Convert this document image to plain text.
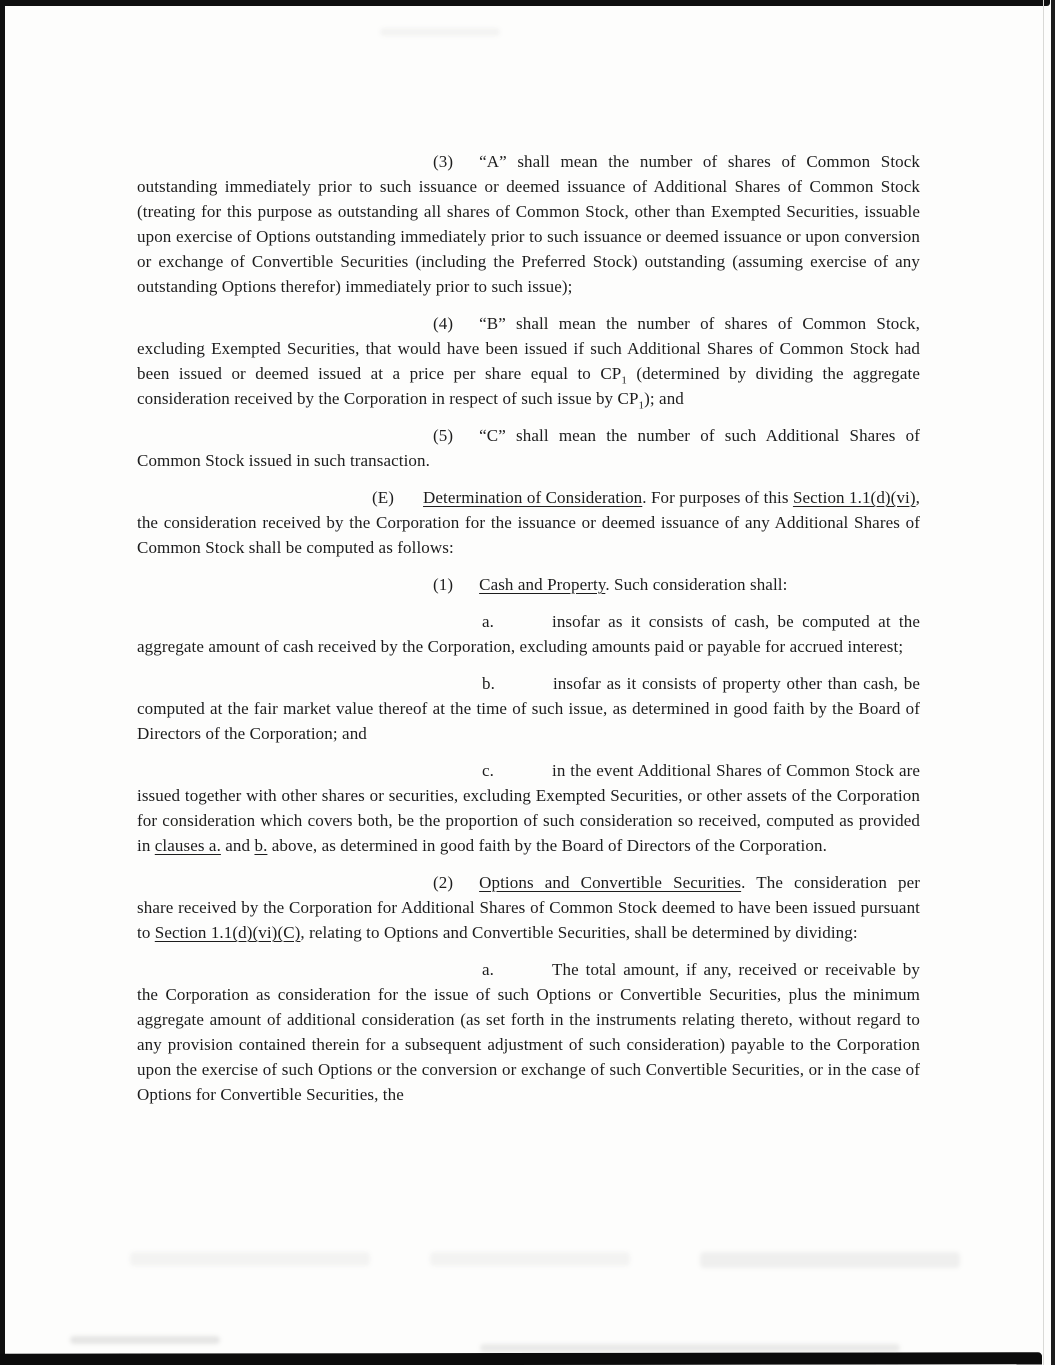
(3) “A” shall mean the number of shares of Common Stock outstanding immediately prior to such issuance or deemed issuance of Additional Shares of Common Stock (treating for this purpose as outstanding all shares of Common Stock, other than Exempted Securities, issuable upon exercise of Options outstanding immediately prior to such issuance or deemed issuance or upon conversion or exchange of Convertible Securities (including the Preferred Stock) outstanding (assuming exercise of any outstanding Options therefor) immediately prior to such issue);

(4) “B” shall mean the number of shares of Common Stock, excluding Exempted Securities, that would have been issued if such Additional Shares of Common Stock had been issued or deemed issued at a price per share equal to $CP_1$ (determined by dividing the aggregate consideration received by the Corporation in respect of such issue by $CP_1$); and

(5) “C” shall mean the number of such Additional Shares of Common Stock issued in such transaction.

(E) Determination of Consideration. For purposes of this Section 1.1(d)(vi), the consideration received by the Corporation for the issuance or deemed issuance of any Additional Shares of Common Stock shall be computed as follows:

(1) Cash and Property. Such consideration shall:

a.	insofar as it consists of cash, be computed at the aggregate amount of cash received by the Corporation, excluding amounts paid or payable for accrued interest;

b.	insofar as it consists of property other than cash, be computed at the fair market value thereof at the time of such issue, as determined in good faith by the Board of Directors of the Corporation; and

c.	in the event Additional Shares of Common Stock are issued together with other shares or securities, excluding Exempted Securities, or other assets of the Corporation for consideration which covers both, be the proportion of such consideration so received, computed as provided in clauses a. and b. above, as determined in good faith by the Board of Directors of the Corporation.

(2) Options and Convertible Securities. The consideration per share received by the Corporation for Additional Shares of Common Stock deemed to have been issued pursuant to Section 1.1(d)(vi)(C), relating to Options and Convertible Securities, shall be determined by dividing:

a.	The total amount, if any, received or receivable by the Corporation as consideration for the issue of such Options or Convertible Securities, plus the minimum aggregate amount of additional consideration (as set forth in the instruments relating thereto, without regard to any provision contained therein for a subsequent adjustment of such consideration) payable to the Corporation upon the exercise of such Options or the conversion or exchange of such Convertible Securities, or in the case of Options for Convertible Securities, the
